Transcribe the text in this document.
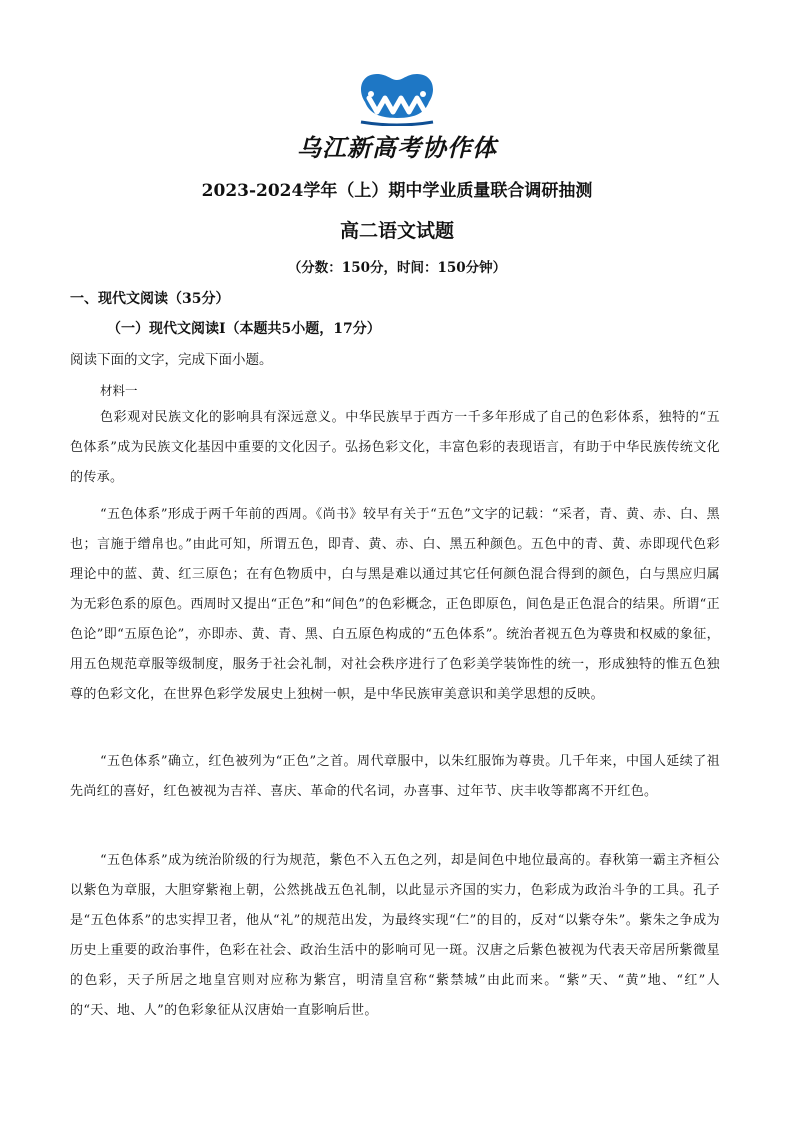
乌江新高考协作体
2023-2024学年（上）期中学业质量联合调研抽测
高二语文试题
（分数：150分，时间：150分钟）
一、现代文阅读（35分）
（一）现代文阅读Ⅰ（本题共5小题，17分）
阅读下面的文字，完成下面小题。
材料一

色彩观对民族文化的影响具有深远意义。中华民族早于西方一千多年形成了自己的色彩体系，独特的“五色体系”成为民族文化基因中重要的文化因子。弘扬色彩文化，丰富色彩的表现语言，有助于中华民族传统文化的传承。

“五色体系”形成于两千年前的西周。《尚书》较早有关于“五色”文字的记载：“采者，青、黄、赤、白、黑也；言施于缯帛也。”由此可知，所谓五色，即青、黄、赤、白、黑五种颜色。五色中的青、黄、赤即现代色彩理论中的蓝、黄、红三原色；在有色物质中，白与黑是难以通过其它任何颜色混合得到的颜色，白与黑应归属为无彩色系的原色。西周时又提出“正色”和“间色”的色彩概念，正色即原色，间色是正色混合的结果。所谓“正色论”即“五原色论”，亦即赤、黄、青、黑、白五原色构成的“五色体系”。统治者视五色为尊贵和权威的象征，用五色规范章服等级制度，服务于社会礼制，对社会秩序进行了色彩美学装饰性的统一，形成独特的惟五色独尊的色彩文化，在世界色彩学发展史上独树一帜，是中华民族审美意识和美学思想的反映。

“五色体系”确立，红色被列为“正色”之首。周代章服中，以朱红服饰为尊贵。几千年来，中国人延续了祖先尚红的喜好，红色被视为吉祥、喜庆、革命的代名词，办喜事、过年节、庆丰收等都离不开红色。

“五色体系”成为统治阶级的行为规范，紫色不入五色之列，却是间色中地位最高的。春秋第一霸主齐桓公以紫色为章服，大胆穿紫袍上朝，公然挑战五色礼制，以此显示齐国的实力，色彩成为政治斗争的工具。孔子是“五色体系”的忠实捍卫者，他从“礼”的规范出发，为最终实现“仁”的目的，反对“以紫夺朱”。紫朱之争成为历史上重要的政治事件，色彩在社会、政治生活中的影响可见一斑。汉唐之后紫色被视为代表天帝居所紫微星的色彩，天子所居之地皇宫则对应称为紫宫，明清皇宫称“紫禁城”由此而来。“紫”天、“黄”地、“红”人的“天、地、人”的色彩象征从汉唐始一直影响后世。
